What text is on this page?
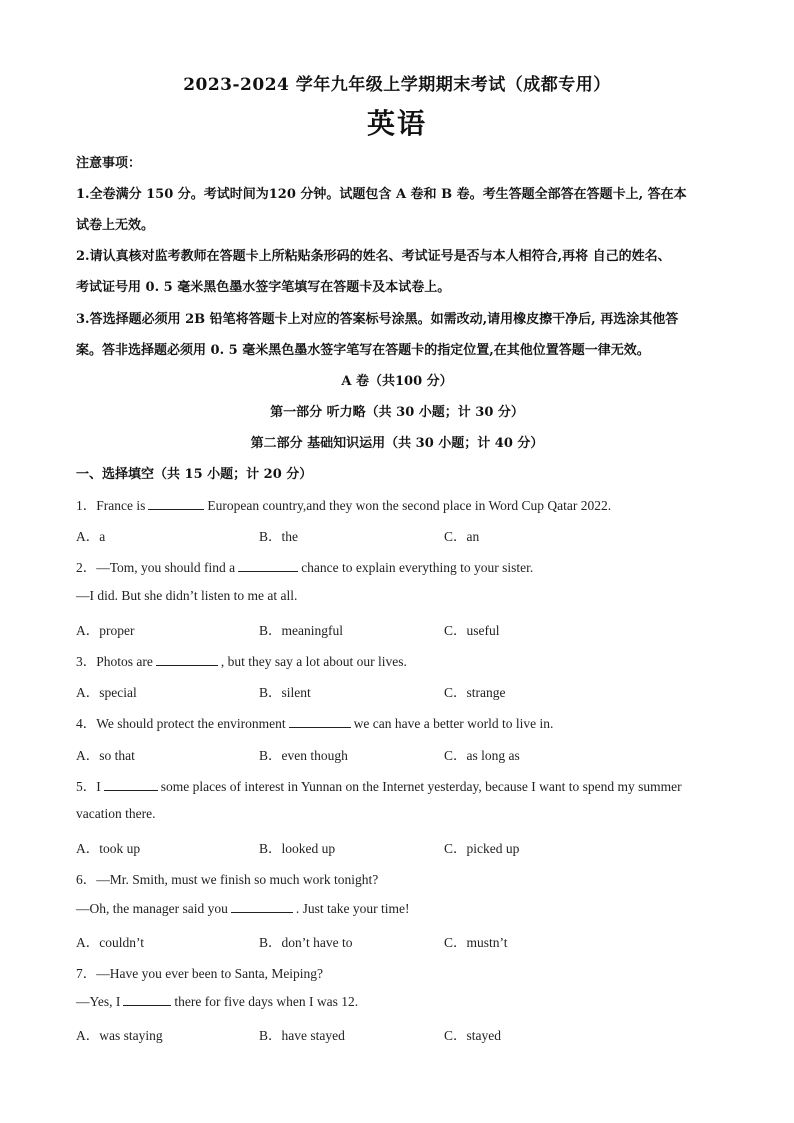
2023-2024 学年九年级上学期期末考试（成都专用）
英语
注意事项：
1.全卷满分 150 分。考试时间为120 分钟。试题包含 A 卷和 B 卷。考生答题全部答在答题卡上, 答在本
试卷上无效。
2.请认真核对监考教师在答题卡上所粘贴条形码的姓名、考试证号是否与本人相符合,再将 自己的姓名、
考试证号用 0. 5 毫米黑色墨水签字笔填写在答题卡及本试卷上。
3.答选择题必须用 2B 铅笔将答题卡上对应的答案标号涂黑。如需改动,请用橡皮擦干净后, 再选涂其他答
案。答非选择题必须用 0. 5 毫米黑色墨水签字笔写在答题卡的指定位置,在其他位置答题一律无效。
A 卷（共100 分）
第一部分 听力略（共 30 小题；计 30 分）
第二部分 基础知识运用（共 30 小题；计 40 分）
一、选择填空（共 15 小题；计 20 分）
1．France is	European country,and they won the second place in Word Cup Qatar 2022.
A．a	B．the	C．an
2．—Tom, you should find a	chance to explain everything to your sister.
—I did. But she didn’t listen to me at all.
A．proper	B．meaningful	C．useful
3．Photos are	, but they say a lot about our lives.
A．special	B．silent	C．strange
4．We should protect the environment	we can have a better world to live in.
A．so that	B．even though	C．as long as
5．I	some places of interest in Yunnan on the Internet yesterday, because I want to spend my summer
vacation there.
A．took up	B．looked up	C．picked up
6．—Mr. Smith, must we finish so much work tonight?
—Oh, the manager said you	. Just take your time!
A．couldn’t	B．don’t have to	C．mustn’t
7．—Have you ever been to Santa, Meiping?
—Yes, I	there for five days when I was 12.
A．was staying	B．have stayed	C．stayed
